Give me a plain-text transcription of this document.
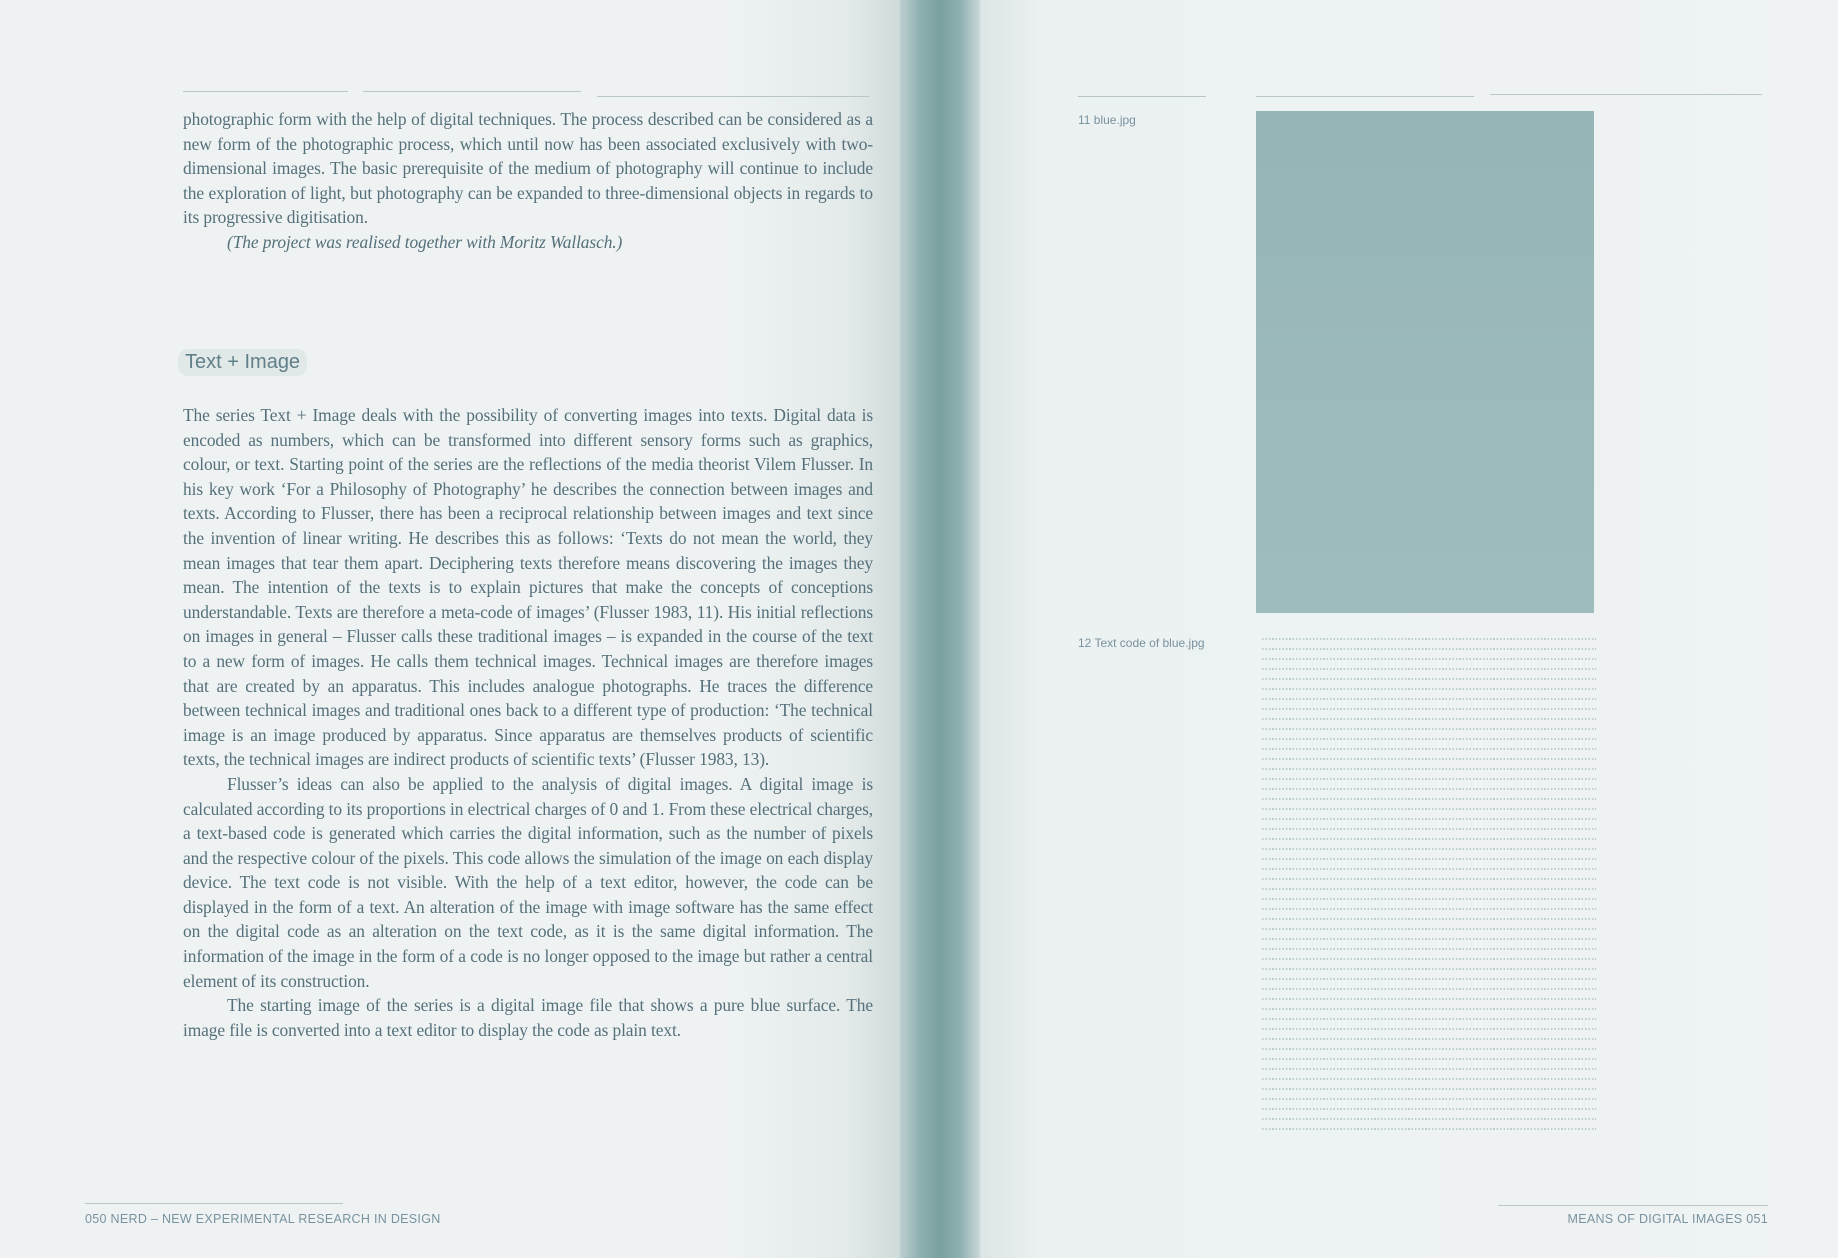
photographic form with the help of digital techniques. The process described can be considered as a new form of the photographic process, which until now has been associated exclusively with two-dimensional images. The basic prerequisite of the medium of photography will continue to include the exploration of light, but photography can be expanded to three-dimensional objects in regards to its progressive digitisation.

(The project was realised together with Moritz Wallasch.)

Text + Image

The series Text + Image deals with the possibility of converting images into texts. Digital data is encoded as numbers, which can be transformed into different sensory forms such as graphics, colour, or text. Starting point of the series are the reflections of the media theorist Vilem Flusser. In his key work ‘For a Philosophy of Photography’ he describes the connection between images and texts. According to Flusser, there has been a reciprocal relationship between images and text since the invention of linear writing. He describes this as follows: ‘Texts do not mean the world, they mean images that tear them apart. Deciphering texts therefore means discovering the images they mean. The intention of the texts is to explain pictures that make the concepts of conceptions understandable. Texts are therefore a meta-code of images’ (Flusser 1983, 11). His initial reflections on images in general – Flusser calls these traditional images – is expanded in the course of the text to a new form of images. He calls them technical images. Technical images are therefore images that are created by an apparatus. This includes analogue photographs. He traces the difference between technical images and traditional ones back to a different type of production: ‘The technical image is an image produced by apparatus. Since apparatus are themselves products of scientific texts, the technical images are indirect products of scientific texts’ (Flusser 1983, 13).

Flusser’s ideas can also be applied to the analysis of digital images. A digital image is calculated according to its proportions in electrical charges of 0 and 1. From these electrical charges, a text-based code is generated which carries the digital information, such as the number of pixels and the respective colour of the pixels. This code allows the simulation of the image on each display device. The text code is not visible. With the help of a text editor, however, the code can be displayed in the form of a text. An alteration of the image with image software has the same effect on the digital code as an alteration on the text code, as it is the same digital information. The information of the image in the form of a code is no longer opposed to the image but rather a central element of its construction.

The starting image of the series is a digital image file that shows a pure blue surface. The image file is converted into a text editor to display the code as plain text.

11 blue.jpg
12 Text code of blue.jpg
050 NERD – NEW EXPERIMENTAL RESEARCH IN DESIGN	MEANS OF DIGITAL IMAGES 051
